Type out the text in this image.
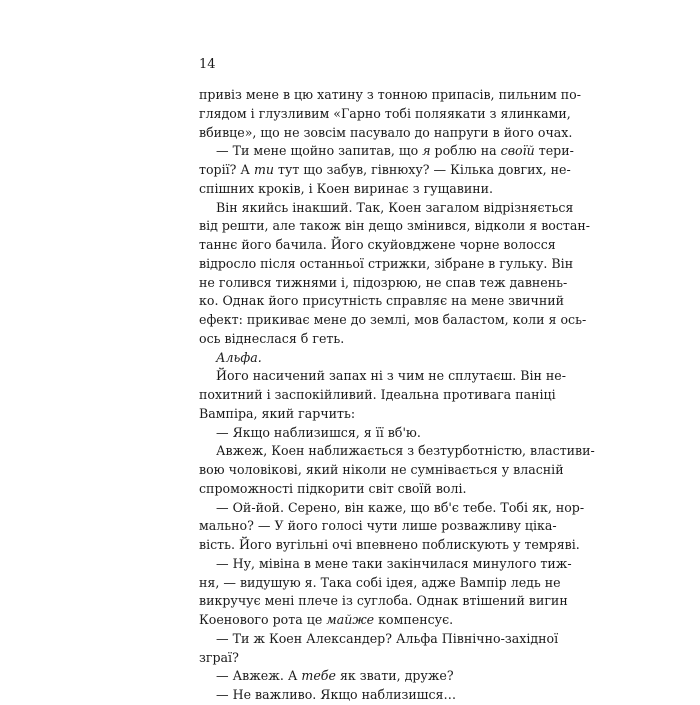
14
привіз мене в цю хатину з тонною припасів, пильним по-
глядом і глузливим «Гарно тобі поляякати з ялинками,
вбивце», що не зовсім пасувало до напруги в його очах.
— Ти мене щойно запитав, що я роблю на своїй тери-
торії? А ти тут що забув, гівнюху? — Кілька довгих, не-
спішних кроків, і Коен виринає з гущавини.
Він якийсь інакший. Так, Коен загалом відрізняється
від решти, але також він дещо змінився, відколи я востан-
таннє його бачила. Його скуйовджене чорне волосся
відросло після останньої стрижки, зібране в гульку. Він
не голився тижнями і, підозрюю, не спав теж давнень-
ко. Однак його присутність справляє на мене звичний
ефект: прикиває мене до землі, мов баластом, коли я ось-
ось віднеслася б геть.
Альфа.
Його насичений запах ні з чим не сплутаєш. Він не-
похитний і заспокійливий. Ідеальна противага паніці
Вампіра, який гарчить:
— Якщо наблизишся, я її вб'ю.
Авжеж, Коен наближається з безтурботністю, властиви-
вою чоловікові, який ніколи не сумнівається у власній
спроможності підкорити світ своїй волі.
— Ой-йой. Серено, він каже, що вб'є тебе. Тобі як, нор-
мально? — У його голосі чути лише розважливу ціка-
вість. Його вугільні очі впевнено поблискують у темряві.
— Ну, мівіна в мене таки закінчилася минулого тиж-
ня, — видушую я. Така собі ідея, адже Вампір ледь не
викручує мені плече із суглоба. Однак втішений вигин
Коенового рота це майже компенсує.
— Ти ж Коен Александер? Альфа Північно-західної
зграї?
— Авжеж. А тебе як звати, друже?
— Не важливо. Якщо наблизишся…
